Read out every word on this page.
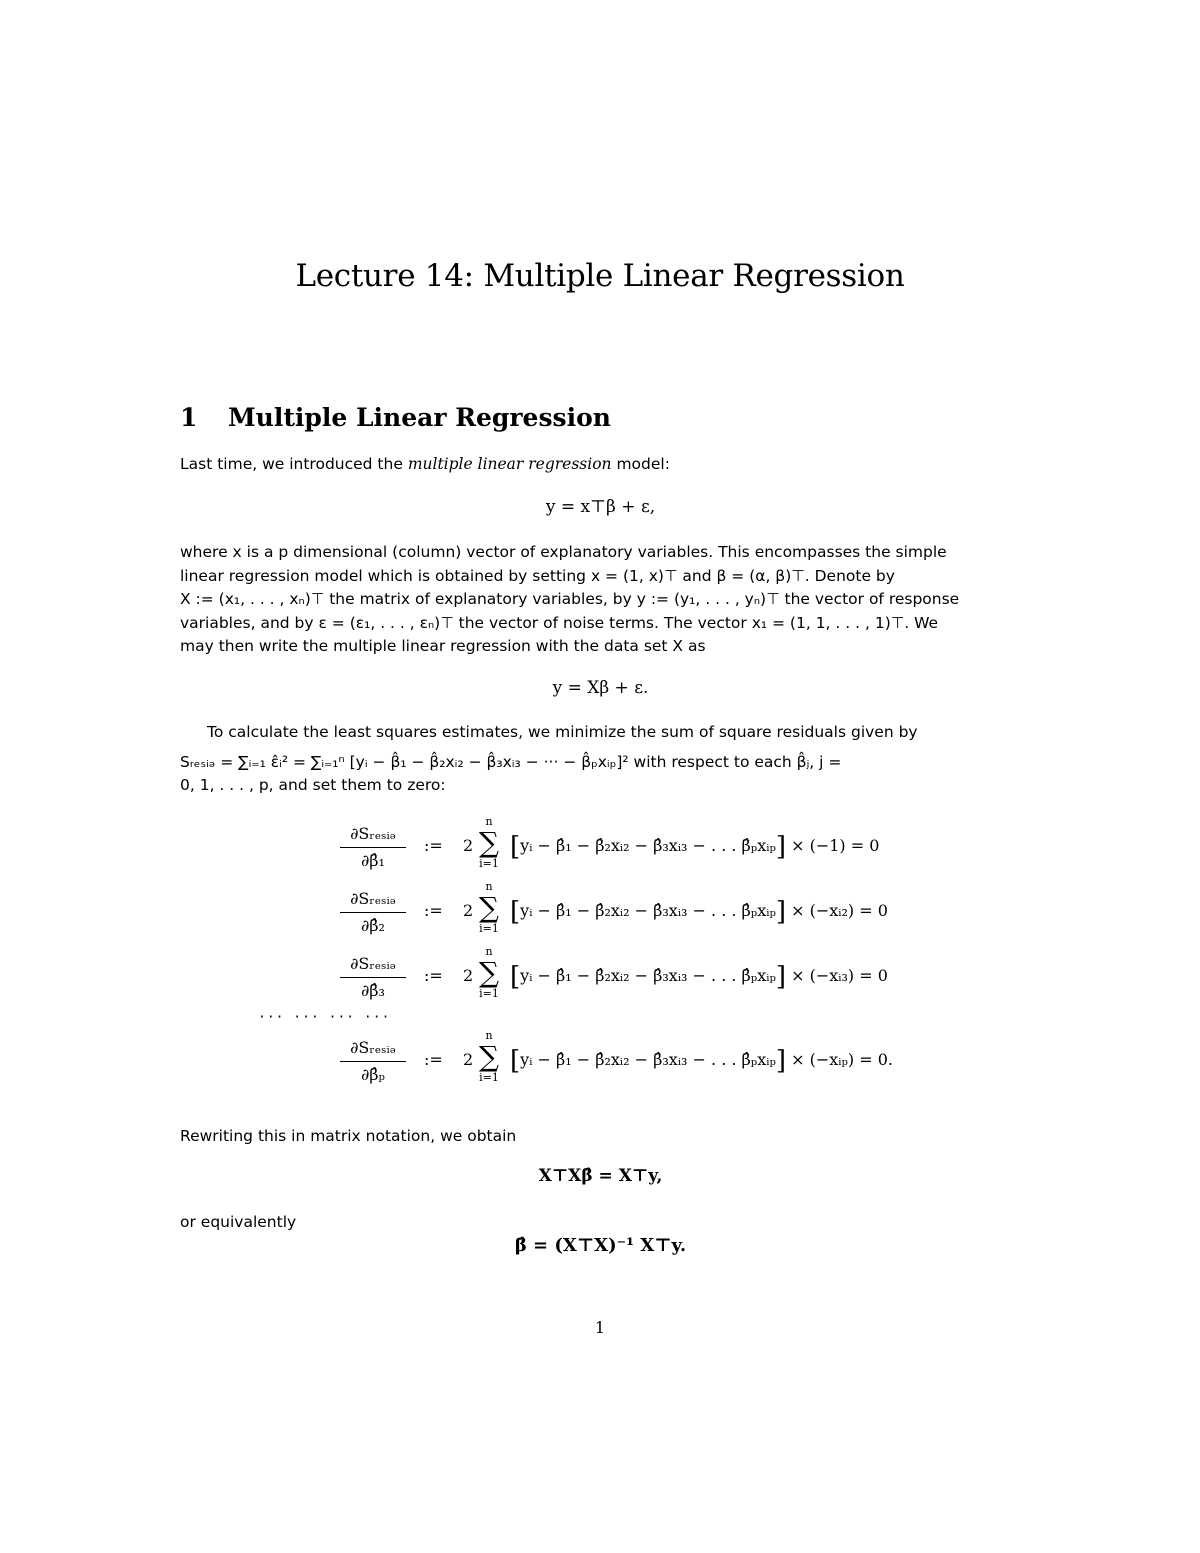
Lecture 14: Multiple Linear Regression
1 Multiple Linear Regression
Last time, we introduced the multiple linear regression model:
y = x⊤β + ε,
where x is a p dimensional (column) vector of explanatory variables. This encompasses the simple
linear regression model which is obtained by setting x = (1, x)⊤ and β = (α, β)⊤. Denote by
X := (x₁, . . . , xₙ)⊤ the matrix of explanatory variables, by y := (y₁, . . . , yₙ)⊤ the vector of response
variables, and by ε = (ε₁, . . . , εₙ)⊤ the vector of noise terms. The vector x₁ = (1, 1, . . . , 1)⊤. We
may then write the multiple linear regression with the data set X as
y = Xβ + ε.
To calculate the least squares estimates, we minimize the sum of square residuals given by
Sᵣₑₛᵢₔ = ∑ᵢ₌₁ ε̂ᵢ² = ∑ᵢ₌₁ⁿ [yᵢ − β̂₁ − β̂₂xᵢ₂ − β̂₃xᵢ₃ − ··· − β̂ₚxᵢₚ]² with respect to each β̂ⱼ, j =
0, 1, . . . , p, and set them to zero:
∂Sᵣₑₛᵢₔ
∂β̂₁
:= 2
n
∑
i=1
[yᵢ − β̂₁ − β̂₂xᵢ₂ − β̂₃xᵢ₃ − . . . β̂ₚxᵢₚ] × (−1) = 0
∂Sᵣₑₛᵢₔ
∂β̂₂
:= 2
n
∑
i=1
[yᵢ − β̂₁ − β̂₂xᵢ₂ − β̂₃xᵢ₃ − . . . β̂ₚxᵢₚ] × (−xᵢ₂) = 0
∂Sᵣₑₛᵢₔ
∂β̂₃
:= 2
n
∑
i=1
[yᵢ − β̂₁ − β̂₂xᵢ₂ − β̂₃xᵢ₃ − . . . β̂ₚxᵢₚ] × (−xᵢ₃) = 0
··· ··· ··· ···
∂Sᵣₑₛᵢₔ
∂β̂ₚ
:= 2
n
∑
i=1
[yᵢ − β̂₁ − β̂₂xᵢ₂ − β̂₃xᵢ₃ − . . . β̂ₚxᵢₚ] × (−xᵢₚ) = 0.
Rewriting this in matrix notation, we obtain
X⊤Xβ̂ = X⊤y,
or equivalently
β̂ = (X⊤X)⁻¹ X⊤y.
1
